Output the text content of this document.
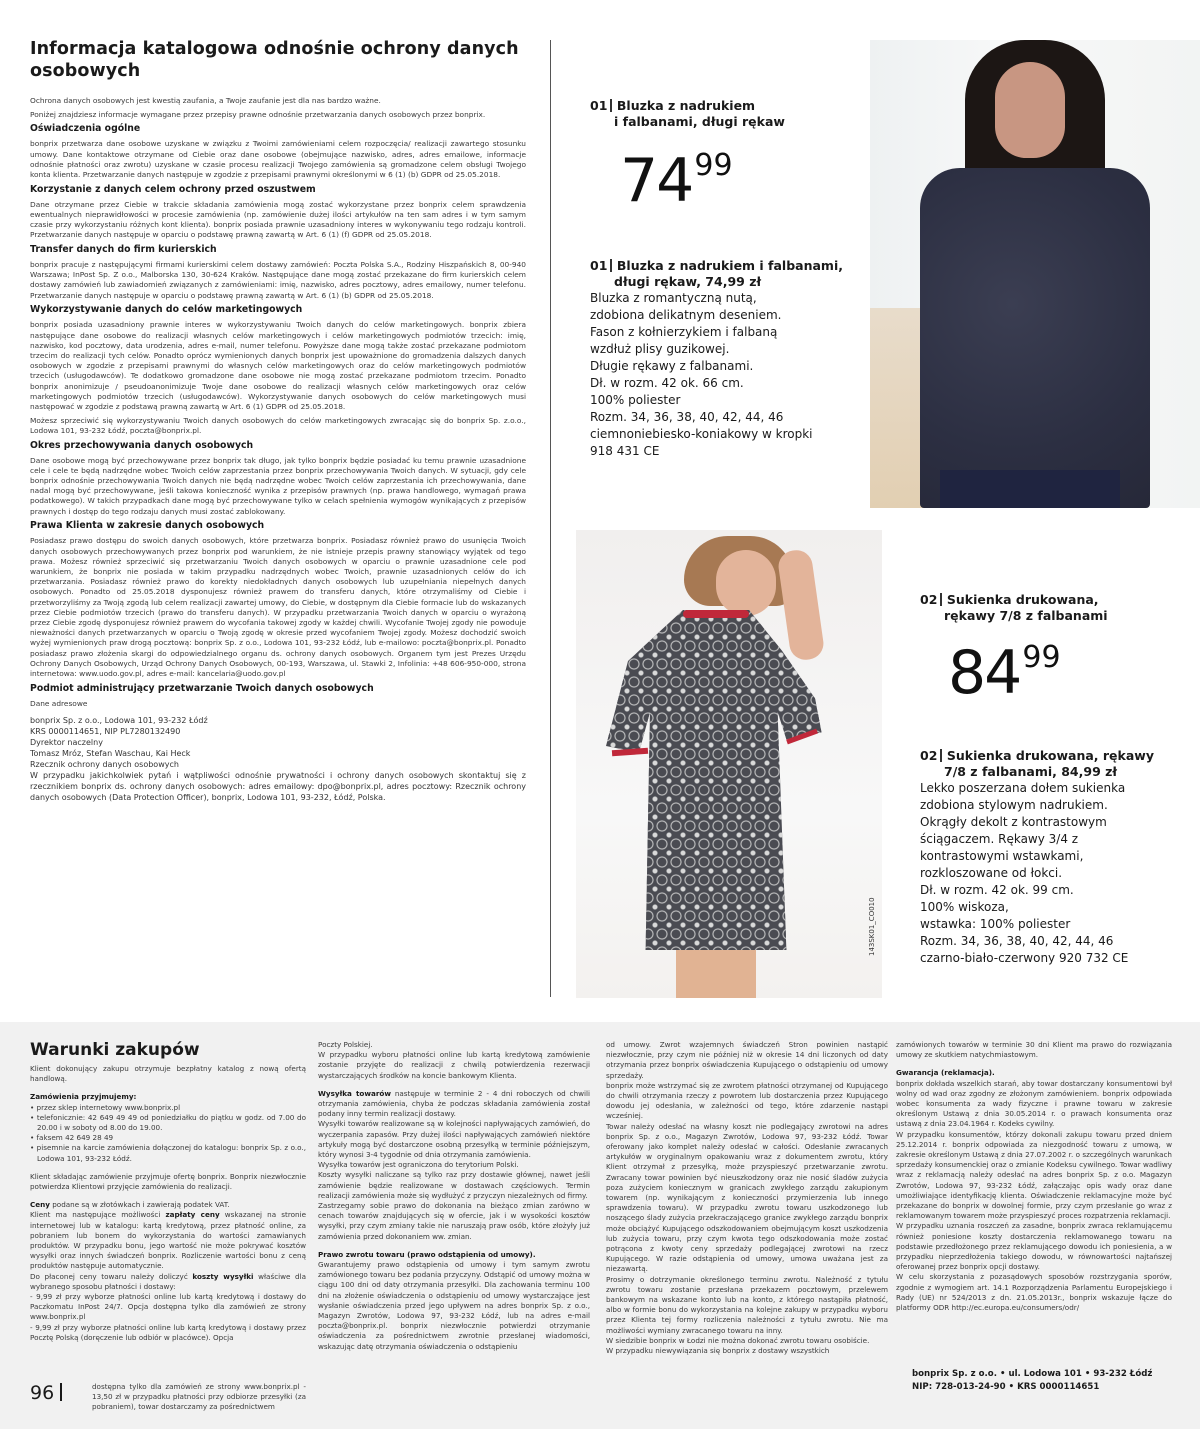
Informacja katalogowa odnośnie ochrony danych osobowych

Ochrona danych osobowych jest kwestią zaufania, a Twoje zaufanie jest dla nas bardzo ważne.

Poniżej znajdziesz informacje wymagane przez przepisy prawne odnośnie przetwarzania danych osobowych przez bonprix.

Oświadczenia ogólne

bonprix przetwarza dane osobowe uzyskane w związku z Twoimi zamówieniami celem rozpoczęcia/ realizacji zawartego stosunku umowy. Dane kontaktowe otrzymane od Ciebie oraz dane osobowe (obejmujące nazwisko, adres, adres emailowe, informacje odnośnie płatności oraz zwrotu) uzyskane w czasie procesu realizacji Twojego zamówienia są gromadzone celem obsługi Twojego konta klienta. Przetwarzanie danych następuje w zgodzie z przepisami prawnymi określonymi w 6 (1) (b) GDPR od 25.05.2018.

Korzystanie z danych celem ochrony przed oszustwem

Dane otrzymane przez Ciebie w trakcie składania zamówienia mogą zostać wykorzystane przez bonprix celem sprawdzenia ewentualnych nieprawidłowości w procesie zamówienia (np. zamówienie dużej ilości artykułów na ten sam adres i w tym samym czasie przy wykorzystaniu różnych kont klienta). bonprix posiada prawnie uzasadniony interes w wykonywaniu tego rodzaju kontroli. Przetwarzanie danych następuje w oparciu o podstawę prawną zawartą w Art. 6 (1) (f) GDPR od 25.05.2018.

Transfer danych do firm kurierskich

bonprix pracuje z następującymi firmami kurierskimi celem dostawy zamówień: Poczta Polska S.A., Rodziny Hiszpańskich 8, 00-940 Warszawa; InPost Sp. Z o.o., Malborska 130, 30-624 Kraków. Następujące dane mogą zostać przekazane do firm kurierskich celem dostawy zamówień lub zawiadomień związanych z zamówieniami: imię, nazwisko, adres pocztowy, adres emailowy, numer telefonu. Przetwarzanie danych następuje w oparciu o podstawę prawną zawartą w Art. 6 (1) (b) GDPR od 25.05.2018.

Wykorzystywanie danych do celów marketingowych

bonprix posiada uzasadniony prawnie interes w wykorzystywaniu Twoich danych do celów marketingowych. bonprix zbiera następujące dane osobowe do realizacji własnych celów marketingowych i celów marketingowych podmiotów trzecich: imię, nazwisko, kod pocztowy, data urodzenia, adres e-mail, numer telefonu. Powyższe dane mogą także zostać przekazane podmiotom trzecim do realizacji tych celów. Ponadto oprócz wymienionych danych bonprix jest upoważnione do gromadzenia dalszych danych osobowych w zgodzie z przepisami prawnymi do własnych celów marketingowych oraz do celów marketingowych podmiotów trzecich (usługodawców). Te dodatkowo gromadzone dane osobowe nie mogą zostać przekazane podmiotom trzecim. Ponadto bonprix anonimizuje / pseudoanonimizuje Twoje dane osobowe do realizacji własnych celów marketingowych oraz celów marketingowych podmiotów trzecich (usługodawców). Wykorzystywanie danych osobowych do celów marketingowych musi następować w zgodzie z podstawą prawną zawartą w Art. 6 (1) GDPR od 25.05.2018.

Możesz sprzeciwić się wykorzystywaniu Twoich danych osobowych do celów marketingowych zwracając się do bonprix Sp. z.o.o., Lodowa 101, 93-232 Łódź, poczta@bonprix.pl.

Okres przechowywania danych osobowych

Dane osobowe mogą być przechowywane przez bonprix tak długo, jak tylko bonprix będzie posiadać ku temu prawnie uzasadnione cele i cele te będą nadrzędne wobec Twoich celów zaprzestania przez bonprix przechowywania Twoich danych. W sytuacji, gdy cele bonprix odnośnie przechowywania Twoich danych nie będą nadrzędne wobec Twoich celów zaprzestania ich przechowywania, dane nadal mogą być przechowywane, jeśli takowa konieczność wynika z przepisów prawnych (np. prawa handlowego, wymagań prawa podatkowego). W takich przypadkach dane mogą być przechowywane tylko w celach spełnienia wymogów wynikających z przepisów prawnych i dostęp do tego rodzaju danych musi zostać zablokowany.

Prawa Klienta w zakresie danych osobowych

Posiadasz prawo dostępu do swoich danych osobowych, które przetwarza bonprix. Posiadasz również prawo do usunięcia Twoich danych osobowych przechowywanych przez bonprix pod warunkiem, że nie istnieje przepis prawny stanowiący wyjątek od tego prawa. Możesz również sprzeciwić się przetwarzaniu Twoich danych osobowych w oparciu o prawnie uzasadnione cele pod warunkiem, że bonprix nie posiada w takim przypadku nadrzędnych wobec Twoich, prawnie uzasadnionych celów do ich przetwarzania. Posiadasz również prawo do korekty niedokładnych danych osobowych lub uzupełniania niepełnych danych osobowych. Ponadto od 25.05.2018 dysponujesz również prawem do transferu danych, które otrzymaliśmy od Ciebie i przetworzyliśmy za Twoją zgodą lub celem realizacji zawartej umowy, do Ciebie, w dostępnym dla Ciebie formacie lub do wskazanych przez Ciebie podmiotów trzecich (prawo do transferu danych). W przypadku przetwarzania Twoich danych w oparciu o wyrażoną przez Ciebie zgodę dysponujesz również prawem do wycofania takowej zgody w każdej chwili. Wycofanie Twojej zgody nie powoduje nieważności danych przetwarzanych w oparciu o Twoją zgodę w okresie przed wycofaniem Twojej zgody. Możesz dochodzić swoich wyżej wymienionych praw drogą pocztową: bonprix Sp. z o.o., Lodowa 101, 93-232 Łódź, lub e-mailowo: poczta@bonprix.pl. Ponadto posiadasz prawo złożenia skargi do odpowiedzialnego organu ds. ochrony danych osobowych. Organem tym jest Prezes Urzędu Ochrony Danych Osobowych, Urząd Ochrony Danych Osobowych, 00-193, Warszawa, ul. Stawki 2, Infolinia: +48 606-950-000, strona internetowa: www.uodo.gov.pl, adres e-mail: kancelaria@uodo.gov.pl

Podmiot administrujący przetwarzanie Twoich danych osobowych

Dane adresowe

bonprix Sp. z o.o., Lodowa 101, 93-232 Łódź
KRS 0000114651, NIP PL7280132490
Dyrektor naczelny
Tomasz Mróz, Stefan Waschau, Kai Heck
Rzecznik ochrony danych osobowych
W przypadku jakichkolwiek pytań i wątpliwości odnośnie prywatności i ochrony danych osobowych skontaktuj się z rzecznikiem bonprix ds. ochrony danych osobowych: adres emailowy: dpo@bonprix.pl, adres pocztowy: Rzecznik ochrony danych osobowych (Data Protection Officer), bonprix, Lodowa 101, 93-232, Łódź, Polska.
01 Bluzka z nadrukiem
i falbanami, długi rękaw
$74^{99}$
01 Bluzka z nadrukiem i falbanami,
długi rękaw, 74,99 zł
Bluzka z romantyczną nutą,
zdobiona delikatnym deseniem.
Fason z kołnierzykiem i falbaną
wzdłuż plisy guzikowej.
Długie rękawy z falbanami.
Dł. w rozm. 42 ok. 66 cm.
100% poliester
Rozm. 34, 36, 38, 40, 42, 44, 46
ciemnoniebiesko-koniakowy w kropki
918 431 CE
143SK01_CO010
02 Sukienka drukowana,
rękawy 7/8 z falbanami
$84^{99}$
02 Sukienka drukowana, rękawy
7/8 z falbanami, 84,99 zł
Lekko poszerzana dołem sukienka
zdobiona stylowym nadrukiem.
Okrągły dekolt z kontrastowym
ściągaczem. Rękawy 3/4 z
kontrastowymi wstawkami,
rozkloszowane od łokci.
Dł. w rozm. 42 ok. 99 cm.
100% wiskoza,
wstawka: 100% poliester
Rozm. 34, 36, 38, 40, 42, 44, 46
czarno-biało-czerwony 920 732 CE
Warunki zakupów

Klient dokonujący zakupu otrzymuje bezpłatny katalog z nową ofertą handlową.

Zamówienia przyjmujemy:

• przez sklep internetowy www.bonprix.pl
• telefonicznie: 42 649 49 49 od poniedziałku do piątku w godz. od 7.00 do 20.00 i w soboty od 8.00 do 19.00.
• faksem 42 649 28 49
• pisemnie na karcie zamówienia dołączonej do katalogu: bonprix Sp. z o.o., Lodowa 101, 93-232 Łódź.

Klient składając zamówienie przyjmuje ofertę bonprix. Bonprix niezwłocznie potwierdza Klientowi przyjęcie zamówienia do realizacji.

Ceny podane są w złotówkach i zawierają podatek VAT.

Klient ma następujące możliwości zapłaty ceny wskazanej na stronie internetowej lub w katalogu: kartą kredytową, przez płatność online, za pobraniem lub bonem do wykorzystania do wartości zamawianych produktów. W przypadku bonu, jego wartość nie może pokrywać kosztów wysyłki oraz innych świadczeń bonprix. Rozliczenie wartości bonu z ceną produktów następuje automatycznie.

Do płaconej ceny towaru należy doliczyć koszty wysyłki właściwe dla wybranego sposobu płatności i dostawy:

- 9,99 zł przy wyborze płatności online lub kartą kredytową i dostawy do Paczkomatu InPost 24/7. Opcja dostępna tylko dla zamówień ze strony www.bonprix.pl

- 9,99 zł przy wyborze płatności online lub kartą kredytową i dostawy przez Pocztę Polską (doręczenie lub odbiór w placówce). Opcja

96	dostępna tylko dla zamówień ze strony www.bonprix.pl - 13,50 zł w przypadku płatności przy odbiorze przesyłki (za pobraniem), towar dostarczamy za pośrednictwem

Poczty Polskiej.

W przypadku wyboru płatności online lub kartą kredytową zamówienie zostanie przyjęte do realizacji z chwilą potwierdzenia rezerwacji wystarczających środków na koncie bankowym Klienta.

Wysyłka towarów następuje w terminie 2 - 4 dni roboczych od chwili otrzymania zamówienia, chyba że podczas składania zamówienia został podany inny termin realizacji dostawy.

Wysyłki towarów realizowane są w kolejności napływających zamówień, do wyczerpania zapasów. Przy dużej ilości napływających zamówień niektóre artykuły mogą być dostarczone osobną przesyłką w terminie późniejszym, który wynosi 3-4 tygodnie od dnia otrzymania zamówienia.

Wysyłka towarów jest ograniczona do terytorium Polski.

Koszty wysyłki naliczane są tylko raz przy dostawie głównej, nawet jeśli zamówienie będzie realizowane w dostawach częściowych. Termin realizacji zamówienia może się wydłużyć z przyczyn niezależnych od firmy.

Zastrzegamy sobie prawo do dokonania na bieżąco zmian zarówno w cenach towarów znajdujących się w ofercie, jak i w wysokości kosztów wysyłki, przy czym zmiany takie nie naruszają praw osób, które złożyły już zamówienia przed dokonaniem ww. zmian.

Prawo zwrotu towaru (prawo odstąpienia od umowy).

Gwarantujemy prawo odstąpienia od umowy i tym samym zwrotu zamówionego towaru bez podania przyczyny. Odstąpić od umowy można w ciągu 100 dni od daty otrzymania przesyłki. Dla zachowania terminu 100 dni na złożenie oświadczenia o odstąpieniu od umowy wystarczające jest wysłanie oświadczenia przed jego upływem na adres bonprix Sp. z o.o., Magazyn Zwrotów, Lodowa 97, 93-232 Łódź, lub na adres e-mail poczta@bonprix.pl. bonprix niezwłocznie potwierdzi otrzymanie oświadczenia za pośrednictwem zwrotnie przesłanej wiadomości, wskazując datę otrzymania oświadczenia o odstąpieniu

od umowy. Zwrot wzajemnych świadczeń Stron powinien nastąpić niezwłocznie, przy czym nie później niż w okresie 14 dni liczonych od daty otrzymania przez bonprix oświadczenia Kupującego o odstąpieniu od umowy sprzedaży.

bonprix może wstrzymać się ze zwrotem płatności otrzymanej od Kupującego do chwili otrzymania rzeczy z powrotem lub dostarczenia przez Kupującego dowodu jej odesłania, w zależności od tego, które zdarzenie nastąpi wcześniej.

Towar należy odesłać na własny koszt nie podlegający zwrotowi na adres bonprix Sp. z o.o., Magazyn Zwrotów, Lodowa 97, 93-232 Łódź. Towar oferowany jako komplet należy odesłać w całości. Odesłanie zwracanych artykułów w oryginalnym opakowaniu wraz z dokumentem zwrotu, który Klient otrzymał z przesyłką, może przyspieszyć przetwarzanie zwrotu. Zwracany towar powinien być nieuszkodzony oraz nie nosić śladów zużycia poza zużyciem koniecznym w granicach zwykłego zarządu zakupionym towarem (np. wynikającym z konieczności przymierzenia lub innego sprawdzenia towaru). W przypadku zwrotu towaru uszkodzonego lub noszącego ślady zużycia przekraczającego granice zwykłego zarządu bonprix może obciążyć Kupującego odszkodowaniem obejmującym koszt uszkodzenia lub zużycia towaru, przy czym kwota tego odszkodowania może zostać potrącona z kwoty ceny sprzedaży podlegającej zwrotowi na rzecz Kupującego. W razie odstąpienia od umowy, umowa uważana jest za niezawartą.

Prosimy o dotrzymanie określonego terminu zwrotu. Należność z tytułu zwrotu towaru zostanie przesłana przekazem pocztowym, przelewem bankowym na wskazane konto lub na konto, z którego nastąpiła płatność, albo w formie bonu do wykorzystania na kolejne zakupy w przypadku wyboru przez Klienta tej formy rozliczenia należności z tytułu zwrotu. Nie ma możliwości wymiany zwracanego towaru na inny.

W siedzibie bonprix w Łodzi nie można dokonać zwrotu towaru osobiście.

W przypadku niewywiązania się bonprix z dostawy wszystkich

zamówionych towarów w terminie 30 dni Klient ma prawo do rozwiązania umowy ze skutkiem natychmiastowym.

Gwarancja (reklamacja).

bonprix dokłada wszelkich starań, aby towar dostarczany konsumentowi był wolny od wad oraz zgodny ze złożonym zamówieniem. bonprix odpowiada wobec konsumenta za wady fizyczne i prawne towaru w zakresie określonym Ustawą z dnia 30.05.2014 r. o prawach konsumenta oraz ustawą z dnia 23.04.1964 r. Kodeks cywilny.

W przypadku konsumentów, którzy dokonali zakupu towaru przed dniem 25.12.2014 r. bonprix odpowiada za niezgodność towaru z umową, w zakresie określonym Ustawą z dnia 27.07.2002 r. o szczególnych warunkach sprzedaży konsumenckiej oraz o zmianie Kodeksu cywilnego. Towar wadliwy wraz z reklamacją należy odesłać na adres bonprix Sp. z o.o. Magazyn Zwrotów, Lodowa 97, 93-232 Łódź, załączając opis wady oraz dane umożliwiające identyfikację klienta. Oświadczenie reklamacyjne może być przekazane do bonprix w dowolnej formie, przy czym przesłanie go wraz z reklamowanym towarem może przyspieszyć proces rozpatrzenia reklamacji.

W przypadku uznania roszczeń za zasadne, bonprix zwraca reklamującemu również poniesione koszty dostarczenia reklamowanego towaru na podstawie przedłożonego przez reklamującego dowodu ich poniesienia, a w przypadku nieprzedłożenia takiego dowodu, w równowartości najtańszej oferowanej przez bonprix opcji dostawy.

W celu skorzystania z pozasądowych sposobów rozstrzygania sporów, zgodnie z wymogiem art. 14.1 Rozporządzenia Parlamentu Europejskiego i Rady (UE) nr 524/2013 z dn. 21.05.2013r., bonprix wskazuje łącze do platformy ODR http://ec.europa.eu/consumers/odr/

bonprix Sp. z o.o. • ul. Lodowa 101 • 93-232 Łódź
NIP: 728-013-24-90 • KRS 0000114651
